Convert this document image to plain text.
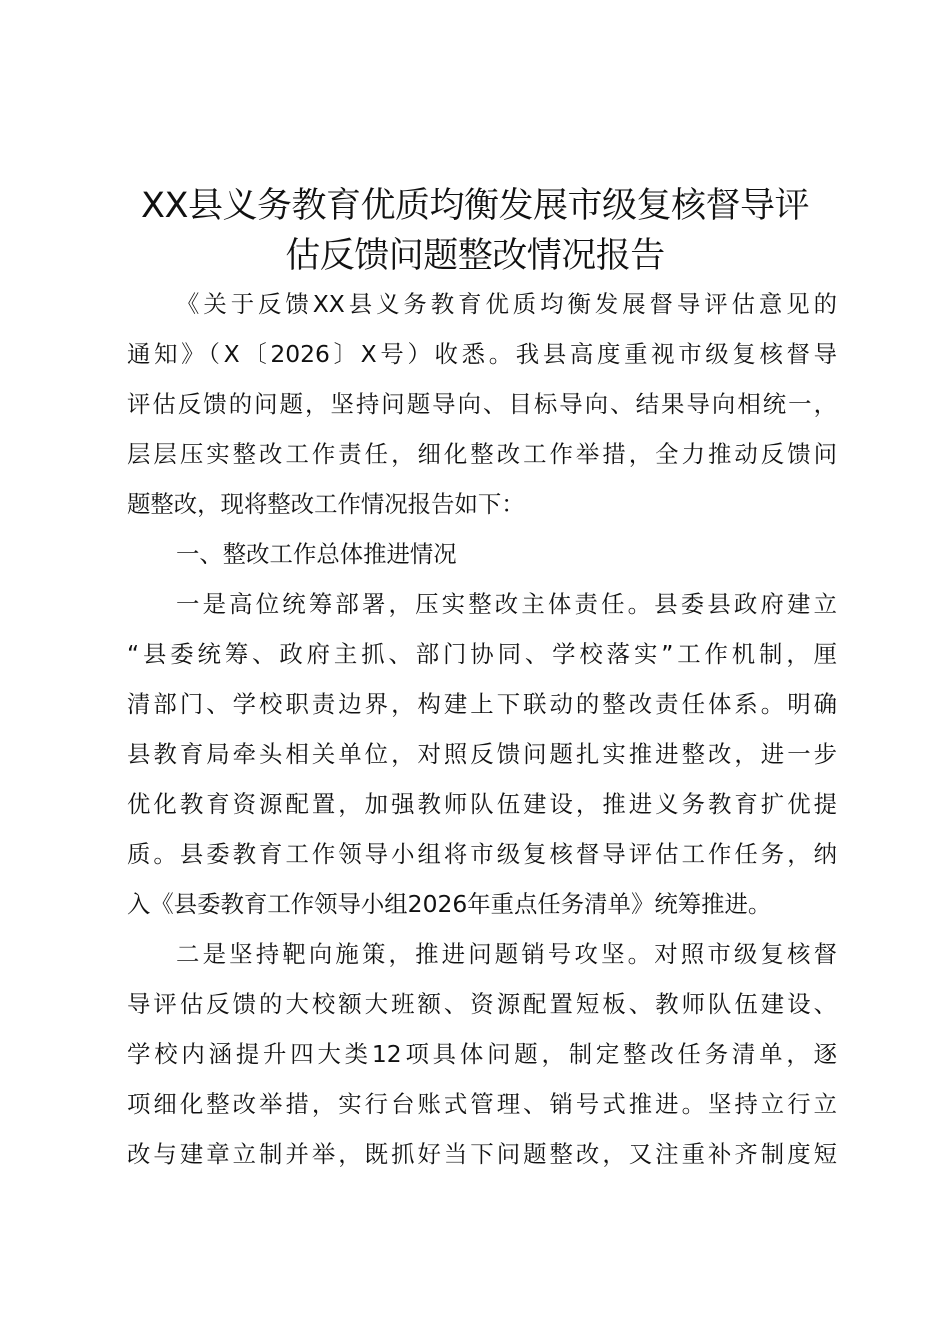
XX县义务教育优质均衡发展市级复核督导评
估反馈问题整改情况报告

《关于反馈XX县义务教育优质均衡发展督导评估意见的

通知》（X〔2026〕X号）收悉。我县高度重视市级复核督导

评估反馈的问题，坚持问题导向、目标导向、结果导向相统一，

层层压实整改工作责任，细化整改工作举措，全力推动反馈问

题整改，现将整改工作情况报告如下：

一、整改工作总体推进情况

一是高位统筹部署，压实整改主体责任。县委县政府建立

“县委统筹、政府主抓、部门协同、学校落实”工作机制，厘

清部门、学校职责边界，构建上下联动的整改责任体系。明确

县教育局牵头相关单位，对照反馈问题扎实推进整改，进一步

优化教育资源配置，加强教师队伍建设，推进义务教育扩优提

质。县委教育工作领导小组将市级复核督导评估工作任务，纳

入《县委教育工作领导小组2026年重点任务清单》统筹推进。

二是坚持靶向施策，推进问题销号攻坚。对照市级复核督

导评估反馈的大校额大班额、资源配置短板、教师队伍建设、

学校内涵提升四大类12项具体问题，制定整改任务清单，逐

项细化整改举措，实行台账式管理、销号式推进。坚持立行立

改与建章立制并举，既抓好当下问题整改，又注重补齐制度短
